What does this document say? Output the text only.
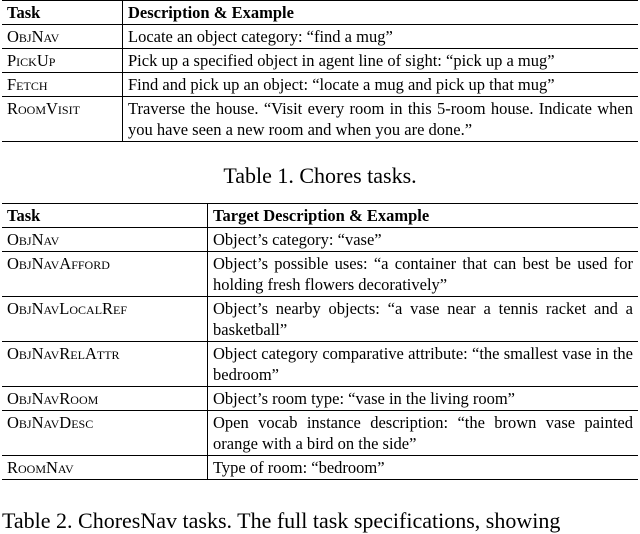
Task	Description & Example
ObjNav	Locate an object category: “find a mug”
PickUp	Pick up a specified object in agent line of sight: “pick up a mug”
Fetch	Find and pick up an object: “locate a mug and pick up that mug”
RoomVisit	Traverse the house. “Visit every room in this 5-room house. Indicate when you have seen a new room and when you are done.”
Table 1. Chores tasks.
Task	Target Description & Example
ObjNav	Object’s category: “vase”
ObjNavAfford	Object’s possible uses: “a container that can best be used for holding fresh flowers decoratively”
ObjNavLocalRef	Object’s nearby objects: “a vase near a tennis racket and a basketball”
ObjNavRelAttr	Object category comparative attribute: “the smallest vase in the bedroom”
ObjNavRoom	Object’s room type: “vase in the living room”
ObjNavDesc	Open vocab instance description: “the brown vase painted orange with a bird on the side”
RoomNav	Type of room: “bedroom”
Table 2. ChoresNav tasks. The full task specifications, showing
